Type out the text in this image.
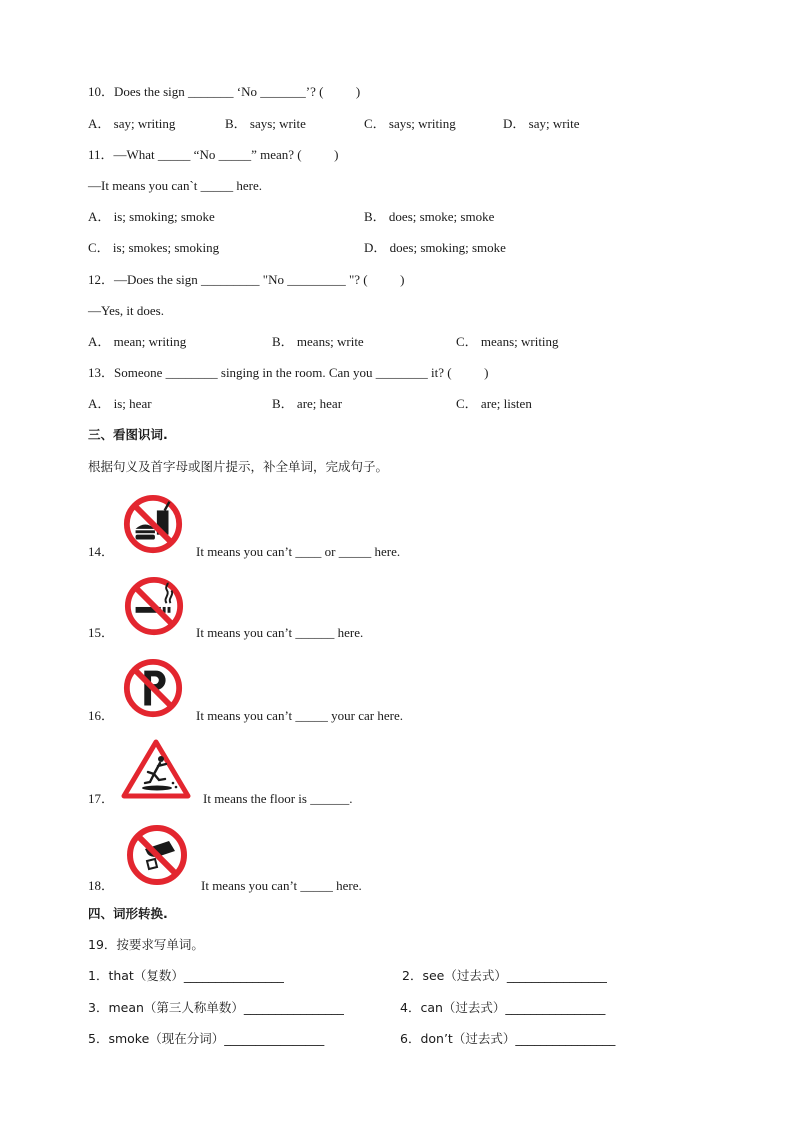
10．Does the sign _______ ‘No _______’? (          )
A． say; writing	B． says; write	C． says; writing	D． say; write
11．—What _____ “No _____” mean? (          )
—It means you can`t _____ here.
A． is; smoking; smoke	B． does; smoke; smoke
C． is; smokes; smoking	D． does; smoking; smoke
12．—Does the sign _________ "No _________ "? (          )
—Yes, it does.
A． mean; writing	B． means; write	C． means; writing
13．Someone ________ singing in the room. Can you ________ it? (          )
A． is; hear	B． are; hear	C． are; listen
三、看图识词.
根据句义及首字母或图片提示，补全单词，完成句子。
14．	It means you can’t ____ or _____ here.
15．	It means you can’t ______ here.
16．	It means you can’t _____ your car here.
17．	It means the floor is ______.
18．	It means you can’t _____ here.
四、词形转换.
19．按要求写单词。
1．that（复数）________________	2．see（过去式）________________
3．mean（第三人称单数）________________	4．can（过去式）________________
5．smoke（现在分词）________________	6．don’t（过去式）________________
